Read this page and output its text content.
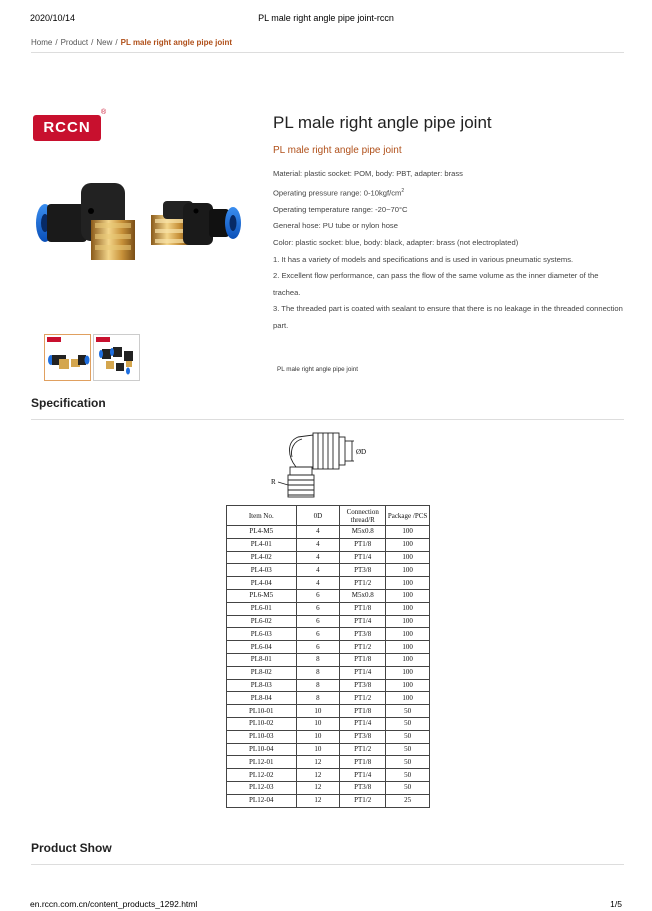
2020/10/14	PL male right angle pipe joint-rccn
Home / Product / New / PL male right angle pipe joint
RCCN
®
PL male right angle pipe joint
PL male right angle pipe joint
Material: plastic socket: POM, body: PBT, adapter: brass
Operating pressure range: $0-10kgf/cm^2$
Operating temperature range: -20~70°C
General hose: PU tube or nylon hose
Color: plastic socket: blue, body: black, adapter: brass (not electroplated)
1. It has a variety of models and specifications and is used in various pneumatic systems.
2. Excellent flow performance, can pass the flow of the same volume as the inner diameter of the trachea.
3. The threaded part is coated with sealant to ensure that there is no leakage in the threaded connection part.
PL male right angle pipe joint
Specification
ØD
R
Item No.	0D	Connection thread/R	Package /PCS
PL4-M5	4	M5x0.8	100
PL4-01	4	PT1/8	100
PL4-02	4	PT1/4	100
PL4-03	4	PT3/8	100
PL4-04	4	PT1/2	100
PL6-M5	6	M5x0.8	100
PL6-01	6	PT1/8	100
PL6-02	6	PT1/4	100
PL6-03	6	PT3/8	100
PL6-04	6	PT1/2	100
PL8-01	8	PT1/8	100
PL8-02	8	PT1/4	100
PL8-03	8	PT3/8	100
PL8-04	8	PT1/2	100
PL10-01	10	PT1/8	50
PL10-02	10	PT1/4	50
PL10-03	10	PT3/8	50
PL10-04	10	PT1/2	50
PL12-01	12	PT1/8	50
PL12-02	12	PT1/4	50
PL12-03	12	PT3/8	50
PL12-04	12	PT1/2	25
Product Show
en.rccn.com.cn/content_products_1292.html	1/5
